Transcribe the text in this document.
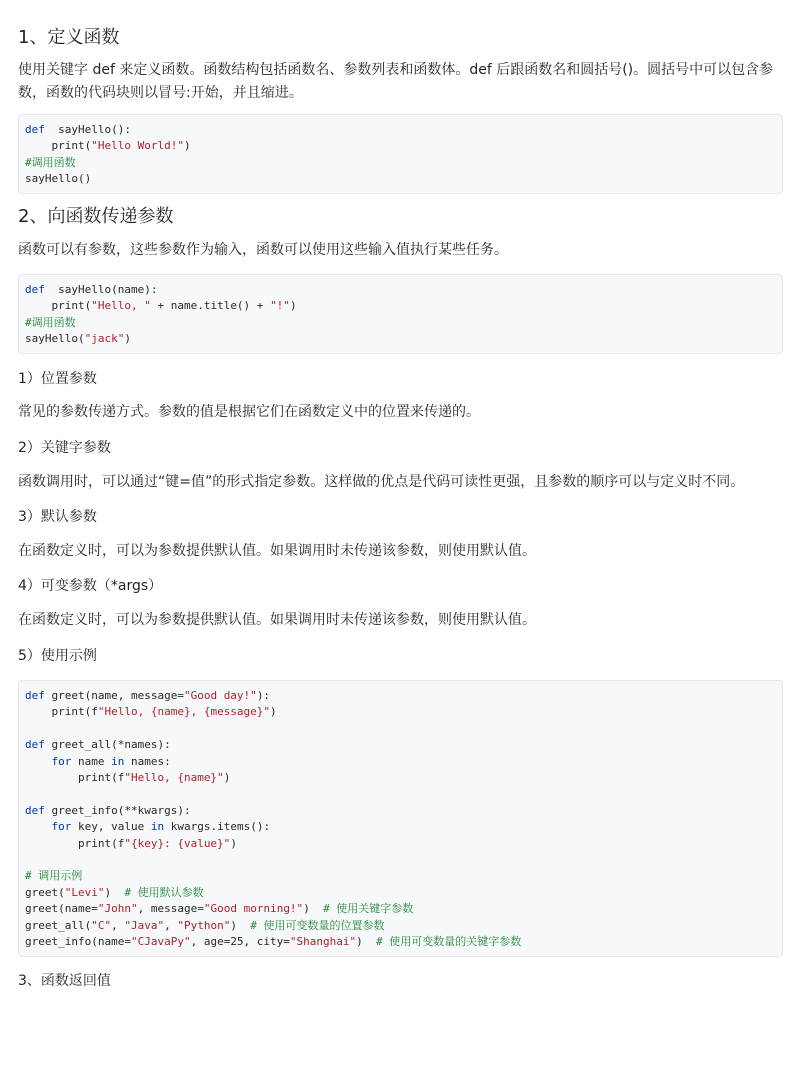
1、定义函数

使用关键字 def 来定义函数。函数结构包括函数名、参数列表和函数体。def 后跟函数名和圆括号()。圆括号中可以包含参数，函数的代码块则以冒号:开始，并且缩进。

def  sayHello():
print("Hello World!")
#调用函数
sayHello()
2、向函数传递参数

函数可以有参数，这些参数作为输入，函数可以使用这些输入值执行某些任务。

def  sayHello(name):
print("Hello, " + name.title() + "!")
#调用函数
sayHello("jack")
1）位置参数

常见的参数传递方式。参数的值是根据它们在函数定义中的位置来传递的。

2）关键字参数

函数调用时，可以通过“键=值”的形式指定参数。这样做的优点是代码可读性更强，且参数的顺序可以与定义时不同。

3）默认参数

在函数定义时，可以为参数提供默认值。如果调用时未传递该参数，则使用默认值。

4）可变参数（*args）

在函数定义时，可以为参数提供默认值。如果调用时未传递该参数，则使用默认值。

5）使用示例
def greet(name, message="Good day!"):
print(f"Hello, {name}, {message}")

def greet_all(*names):
for name in names:
print(f"Hello, {name}")

def greet_info(**kwargs):
for key, value in kwargs.items():
print(f"{key}: {value}")

# 调用示例
greet("Levi")  # 使用默认参数
greet(name="John", message="Good morning!")  # 使用关键字参数
greet_all("C", "Java", "Python")  # 使用可变数量的位置参数
greet_info(name="CJavaPy", age=25, city="Shanghai")  # 使用可变数量的关键字参数
3、函数返回值
